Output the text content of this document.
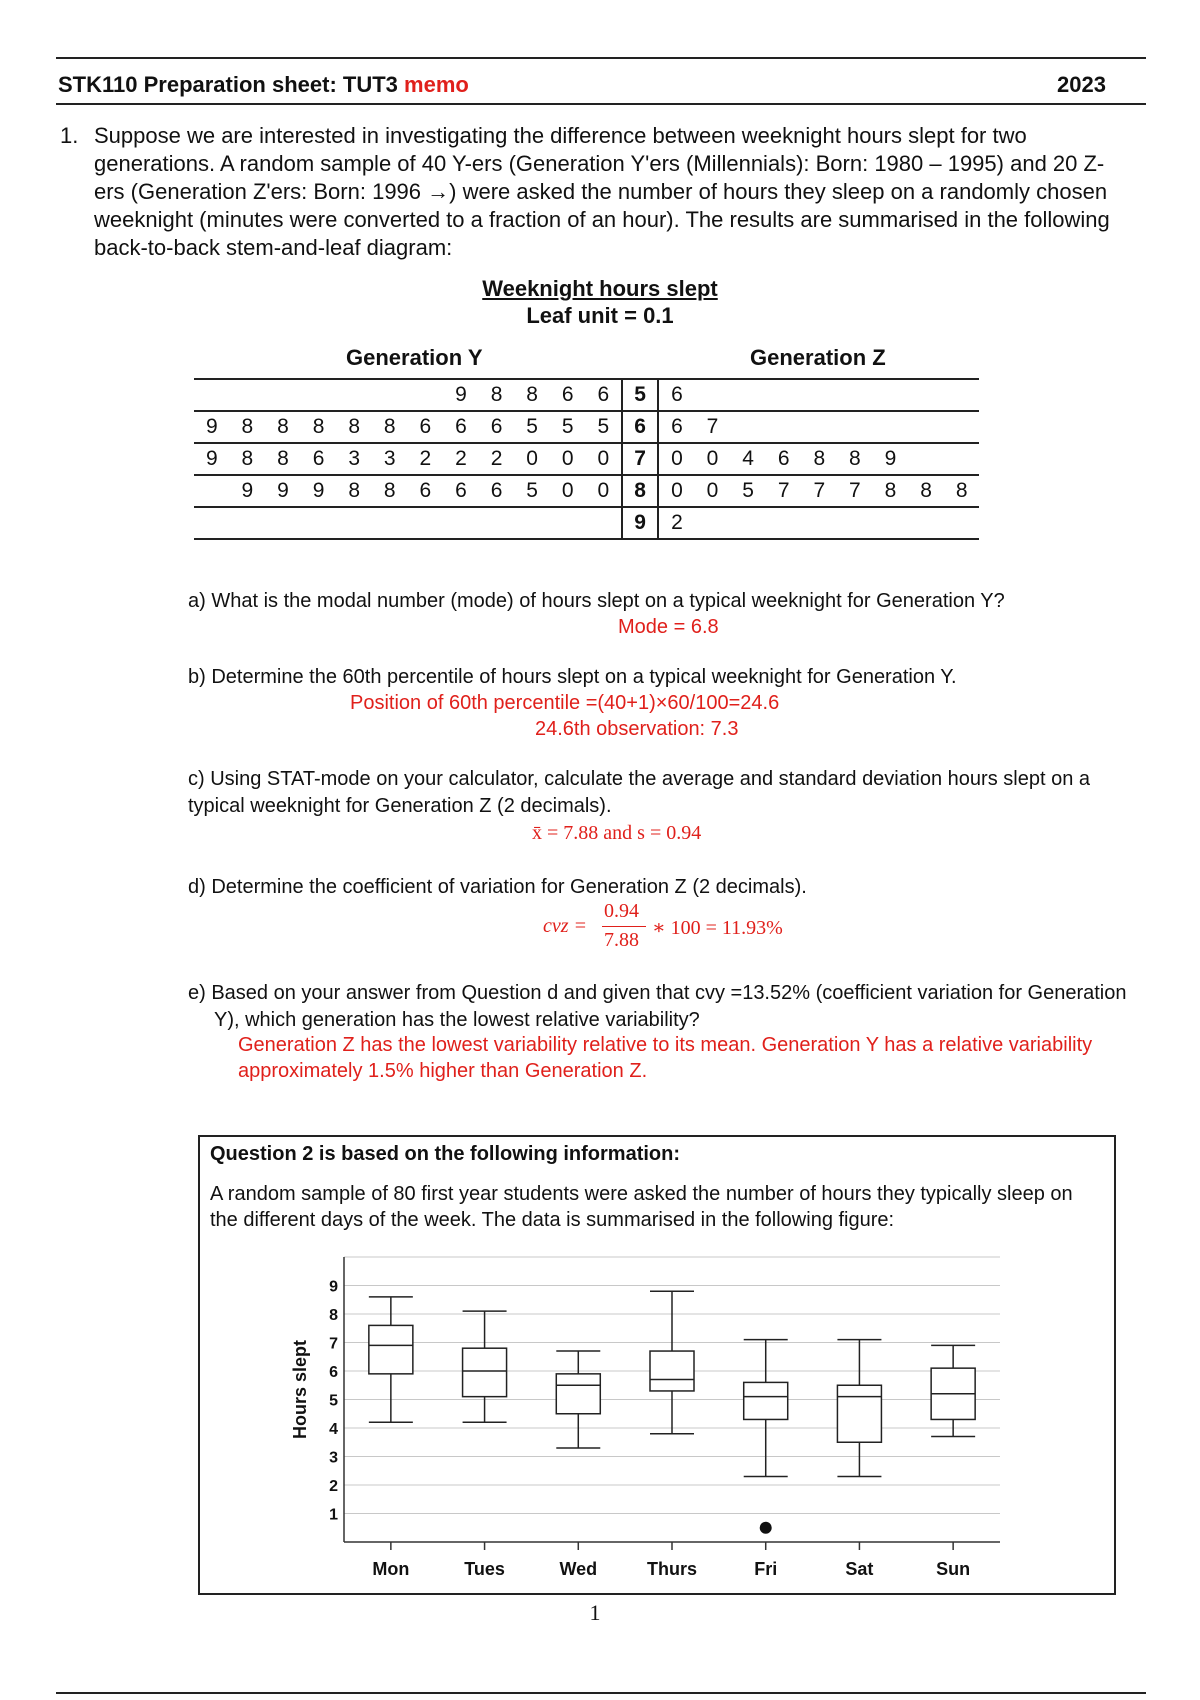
STK110 Preparation sheet: TUT3 memo	2023
1. Suppose we are interested in investigating the difference between weeknight hours slept for two generations. A random sample of 40 Y-ers (Generation Y'ers (Millennials): Born: 1980 – 1995) and 20 Z-ers (Generation Z'ers: Born: 1996 →) were asked the number of hours they sleep on a randomly chosen weeknight (minutes were converted to a fraction of an hour). The results are summarised in the following back-to-back stem-and-leaf diagram:
Weeknight hours slept
Leaf unit = 0.1
Generation Y	Generation Z
							9	8	8	6	6	5	6								
9	8	8	8	8	8	6	6	6	5	5	5	6	6	7							
9	8	8	6	3	3	2	2	2	0	0	0	7	0	0	4	6	8	8	9		
	9	9	9	8	8	6	6	6	5	0	0	8	0	0	5	7	7	7	8	8	8
												9	2								
a) What is the modal number (mode) of hours slept on a typical weeknight for Generation Y?
Mode = 6.8
b) Determine the 60th percentile of hours slept on a typical weeknight for Generation Y.
Position of 60th percentile =(40+1)×60/100=24.6
24.6th observation: 7.3
c) Using STAT-mode on your calculator, calculate the average and standard deviation hours slept on a typical weeknight for Generation Z (2 decimals).
x̄ = 7.88 and s = 0.94
d) Determine the coefficient of variation for Generation Z (2 decimals).
cvz =
0.94
7.88
∗ 100 = 11.93%
e) Based on your answer from Question d and given that cvy =13.52% (coefficient variation for Generation Y), which generation has the lowest relative variability?
Generation Z has the lowest variability relative to its mean. Generation Y has a relative variability approximately 1.5% higher than Generation Z.
Question 2 is based on the following information:
A random sample of 80 first year students were asked the number of hours they typically sleep on the different days of the week. The data is summarised in the following figure:
1
2
3
4
5
6
7
8
9
Hours slept
Mon	Tues	Wed	Thurs	Fri	Sat	Sun
1
